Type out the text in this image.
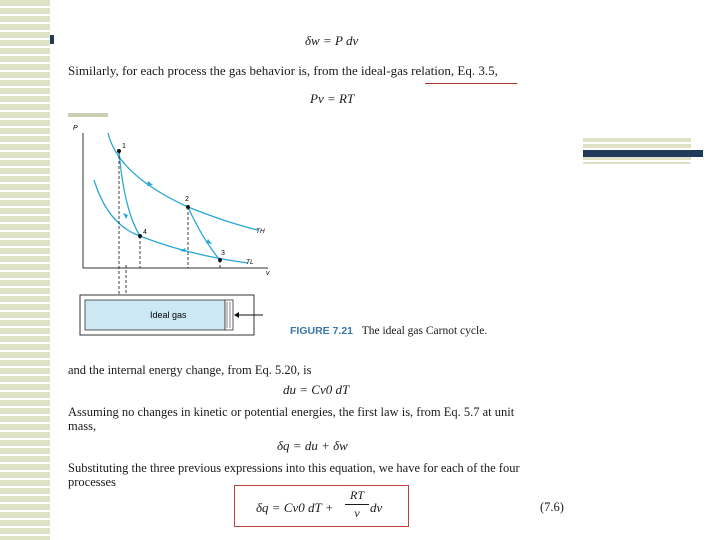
δw = P dv
Similarly, for each process the gas behavior is, from the ideal-gas relation, Eq. 3.5,
Pv = RT
P
v
1
2
3
4	TH
TL
Ideal gas
FIGURE 7.21 The ideal gas Carnot cycle.
and the internal energy change, from Eq. 5.20, is
du = Cv0 dT
Assuming no changes in kinetic or potential energies, the first law is, from Eq. 5.7 at unit
mass,
δq = du + δw
Substituting the three previous expressions into this equation, we have for each of the four
processes
δq = Cv0 dT +
RT
v dv	(7.6)
